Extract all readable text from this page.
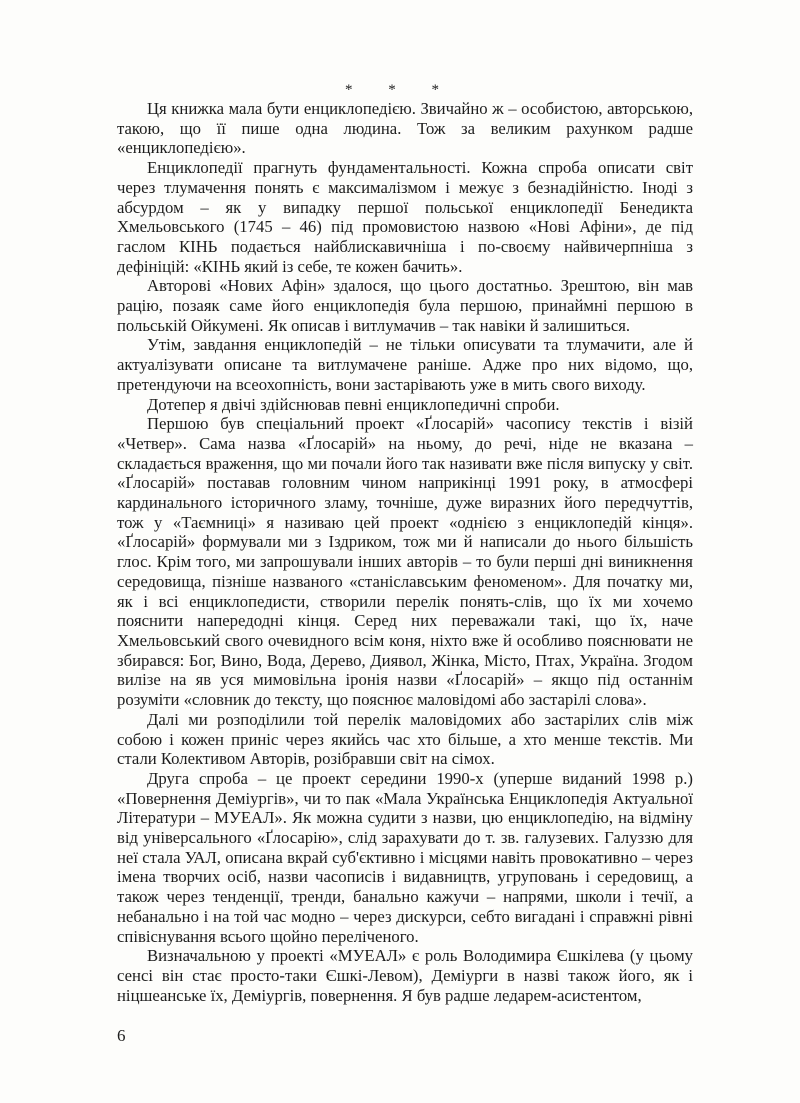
* * *

Ця книжка мала бути енциклопедією. Звичайно ж – особистою, авторською, такою, що її пише одна людина. Тож за великим рахунком радше «енциклопедією».

Енциклопедії прагнуть фундаментальності. Кожна спроба описати світ через тлумачення понять є максималізмом і межує з безнадійністю. Іноді з абсурдом – як у випадку першої польської енциклопедії Бенедикта Хмельовського (1745 – 46) під промовистою назвою «Нові Афіни», де під гаслом КІНЬ подається найблискавичніша і по-своєму найвичерпніша з дефініцій: «КІНЬ який із себе, те кожен бачить».

Авторові «Нових Афін» здалося, що цього достатньо. Зрештою, він мав рацію, позаяк саме його енциклопедія була першою, принаймні першою в польській Ойкумені. Як описав і витлумачив – так навіки й залишиться.

Утім, завдання енциклопедій – не тільки описувати та тлумачити, але й актуалізувати описане та витлумачене раніше. Адже про них відомо, що, претендуючи на всеохопність, вони застарівають уже в мить свого виходу.

Дотепер я двічі здійснював певні енциклопедичні спроби.

Першою був спеціальний проект «Ґлосарій» часопису текстів і візій «Четвер». Сама назва «Ґлосарій» на ньому, до речі, ніде не вказана – складається враження, що ми почали його так називати вже після випуску у світ. «Ґлосарій» поставав головним чином наприкінці 1991 року, в атмосфері кардинального історичного зламу, точніше, дуже виразних його передчуттів, тож у «Таємниці» я називаю цей проект «однією з енциклопедій кінця». «Ґлосарій» формували ми з Іздриком, тож ми й написали до нього більшість глос. Крім того, ми запрошували інших авторів – то були перші дні виникнення середовища, пізніше названого «станіславським феноменом». Для початку ми, як і всі енциклопедисти, створили перелік понять-слів, що їх ми хочемо пояснити напередодні кінця. Серед них переважали такі, що їх, наче Хмельовський свого очевидного всім коня, ніхто вже й особливо пояснювати не збирався: Бог, Вино, Вода, Дерево, Диявол, Жінка, Місто, Птах, Україна. Згодом вилізе на яв уся мимовільна іронія назви «Ґлосарій» – якщо під останнім розуміти «словник до тексту, що пояснює маловідомі або застарілі слова».

Далі ми розподілили той перелік маловідомих або застарілих слів між собою і кожен приніс через якийсь час хто більше, а хто менше текстів. Ми стали Колективом Авторів, розібравши світ на сімох.

Друга спроба – це проект середини 1990-х (уперше виданий 1998 р.) «Повернення Деміургів», чи то пак «Мала Українська Енциклопедія Актуальної Літератури – МУЕАЛ». Як можна судити з назви, цю енциклопедію, на відміну від універсального «Ґлосарію», слід зарахувати до т. зв. галузевих. Галуззю для неї стала УАЛ, описана вкрай суб'єктивно і місцями навіть провокативно – через імена творчих осіб, назви часописів і видавництв, угруповань і середовищ, а також через тенденції, тренди, банально кажучи – напрями, школи і течії, а небанально і на той час модно – через дискурси, себто вигадані і справжні рівні співіснування всього щойно переліченого.

Визначальною у проекті «МУЕАЛ» є роль Володимира Єшкілева (у цьому сенсі він стає просто-таки Єшкі-Левом), Деміурги в назві також його, як і ніцшеанське їх, Деміургів, повернення. Я був радше ледарем-асистентом,

6
